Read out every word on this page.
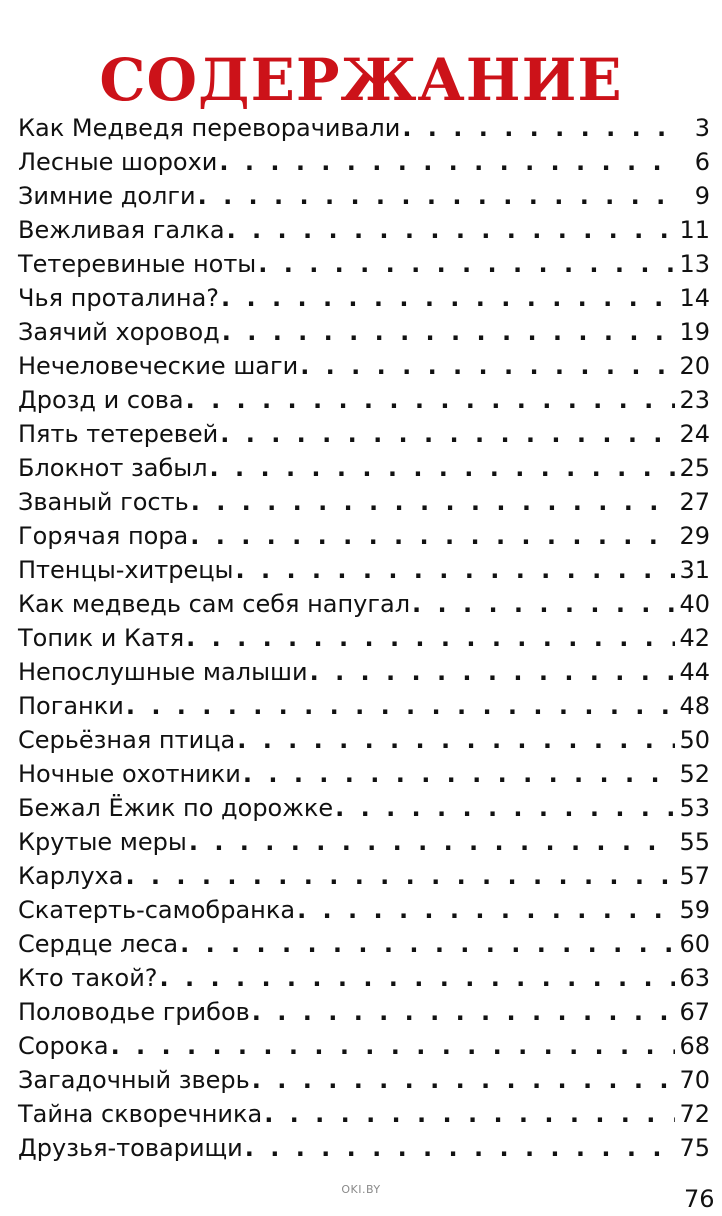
СОДЕРЖАНИЕ
Как Медведя переворачивали . . .	3
Лесные шорохи . . .	6
Зимние долги . . .	9
Вежливая галка . . .	11
Тетеревиные ноты . . .	13
Чья проталина? . . .	14
Заячий хоровод . . .	19
Нечеловеческие шаги . . .	20
Дрозд и сова . . .	23
Пять тетеревей . . .	24
Блокнот забыл . . .	25
Званый гость . . .	27
Горячая пора . . .	29
Птенцы-хитрецы . . .	31
Как медведь сам себя напугал . . .	40
Топик и Катя . . .	42
Непослушные малыши . . .	44
Поганки . . .	48
Серьёзная птица . . .	50
Ночные охотники . . .	52
Бежал Ёжик по дорожке . . .	53
Крутые меры . . .	55
Карлуха . . .	57
Скатерть-самобранка . . .	59
Сердце леса . . .	60
Кто такой? . . .	63
Половодье грибов . . .	67
Сорока . . .	68
Загадочный зверь . . .	70
Тайна скворечника . . .	72
Друзья-товарищи . . .	75
76
OKI.BY
